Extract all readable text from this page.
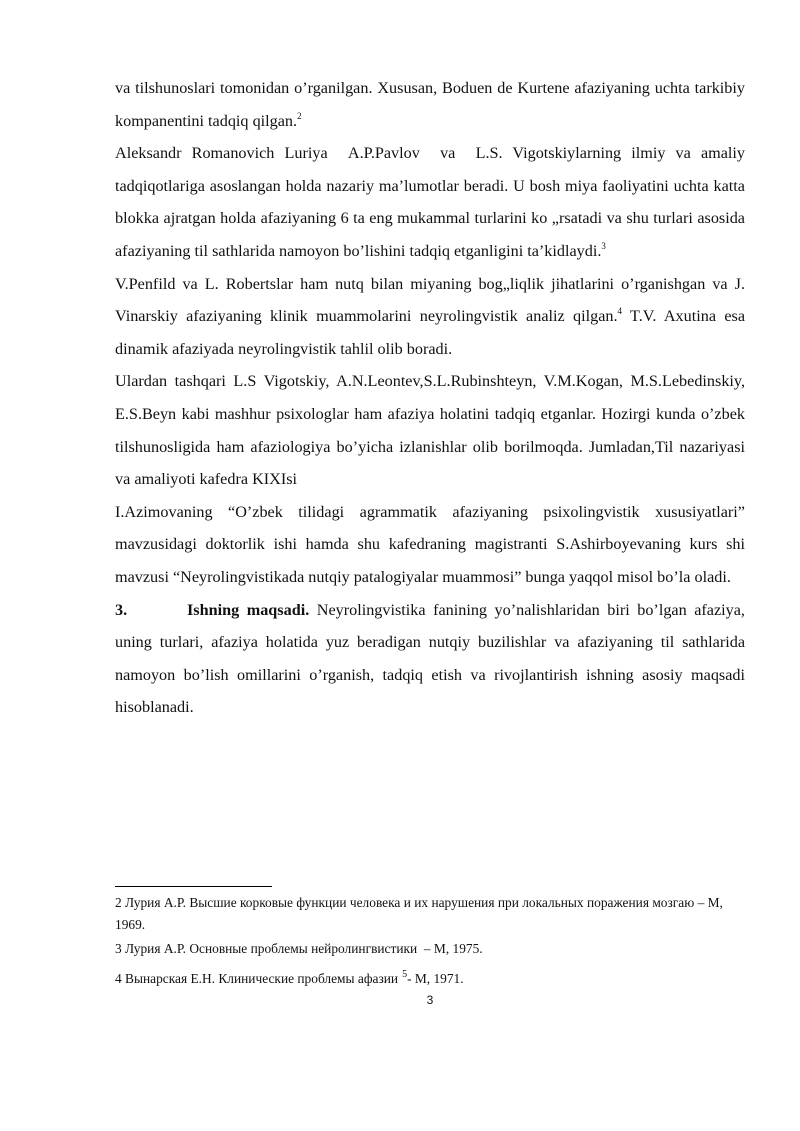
va tilshunoslari tomonidan o’rganilgan. Xususan, Boduen de Kurtene afaziyaning uchta tarkibiy kompanentini tadqiq qilgan.$^2$

Aleksandr Romanovich Luriya  A.P.Pavlov  va  L.S. Vigotskiylarning ilmiy va amaliy tadqiqotlariga asoslangan holda nazariy ma’lumotlar beradi. U bosh miya faoliyatini uchta katta blokka ajratgan holda afaziyaning 6 ta eng mukammal turlarini ko „rsatadi va shu turlari asosida afaziyaning til sathlarida namoyon bo’lishini tadqiq etganligini ta’kidlaydi.$^3$

V.Penfild va L. Robertslar ham nutq bilan miyaning bog„liqlik jihatlarini o’rganishgan va J. Vinarskiy afaziyaning klinik muammolarini neyrolingvistik analiz qilgan.$^4$ T.V. Axutina esa dinamik afaziyada neyrolingvistik tahlil olib boradi.

Ulardan tashqari L.S Vigotskiy, A.N.Leontev,S.L.Rubinshteyn, V.M.Kogan, M.S.Lebedinskiy, E.S.Beyn kabi mashhur psixologlar ham afaziya holatini tadqiq etganlar. Hozirgi kunda o’zbek tilshunosligida ham afaziologiya bo’yicha izlanishlar olib borilmoqda. Jumladan,Til nazariyasi va amaliyoti kafedra KIXIsi

I.Azimovaning “O’zbek tilidagi agrammatik afaziyaning psixolingvistik xususiyatlari” mavzusidagi doktorlik ishi hamda shu kafedraning magistranti S.Ashirboyevaning kurs shi mavzusi “Neyrolingvistikada nutqiy patalogiyalar muammosi” bunga yaqqol misol bo’la oladi.

3.	Ishning maqsadi. Neyrolingvistika fanining yo’nalishlaridan biri bo’lgan afaziya, uning turlari, afaziya holatida yuz beradigan nutqiy buzilishlar va afaziyaning til sathlarida namoyon bo’lish omillarini o’rganish, tadqiq etish va rivojlantirish ishning asosiy maqsadi hisoblanadi.

2 Лурия А.Р. Высшие корковые функции человека и их нарушения при локальных поражения мозгаю – М, 1969.

3 Лурия А.Р. Основные проблемы нейролингвистики  – М, 1975.

4 Вынарская Е.Н. Клинические проблемы афазии $^5$- М, 1971.

3
